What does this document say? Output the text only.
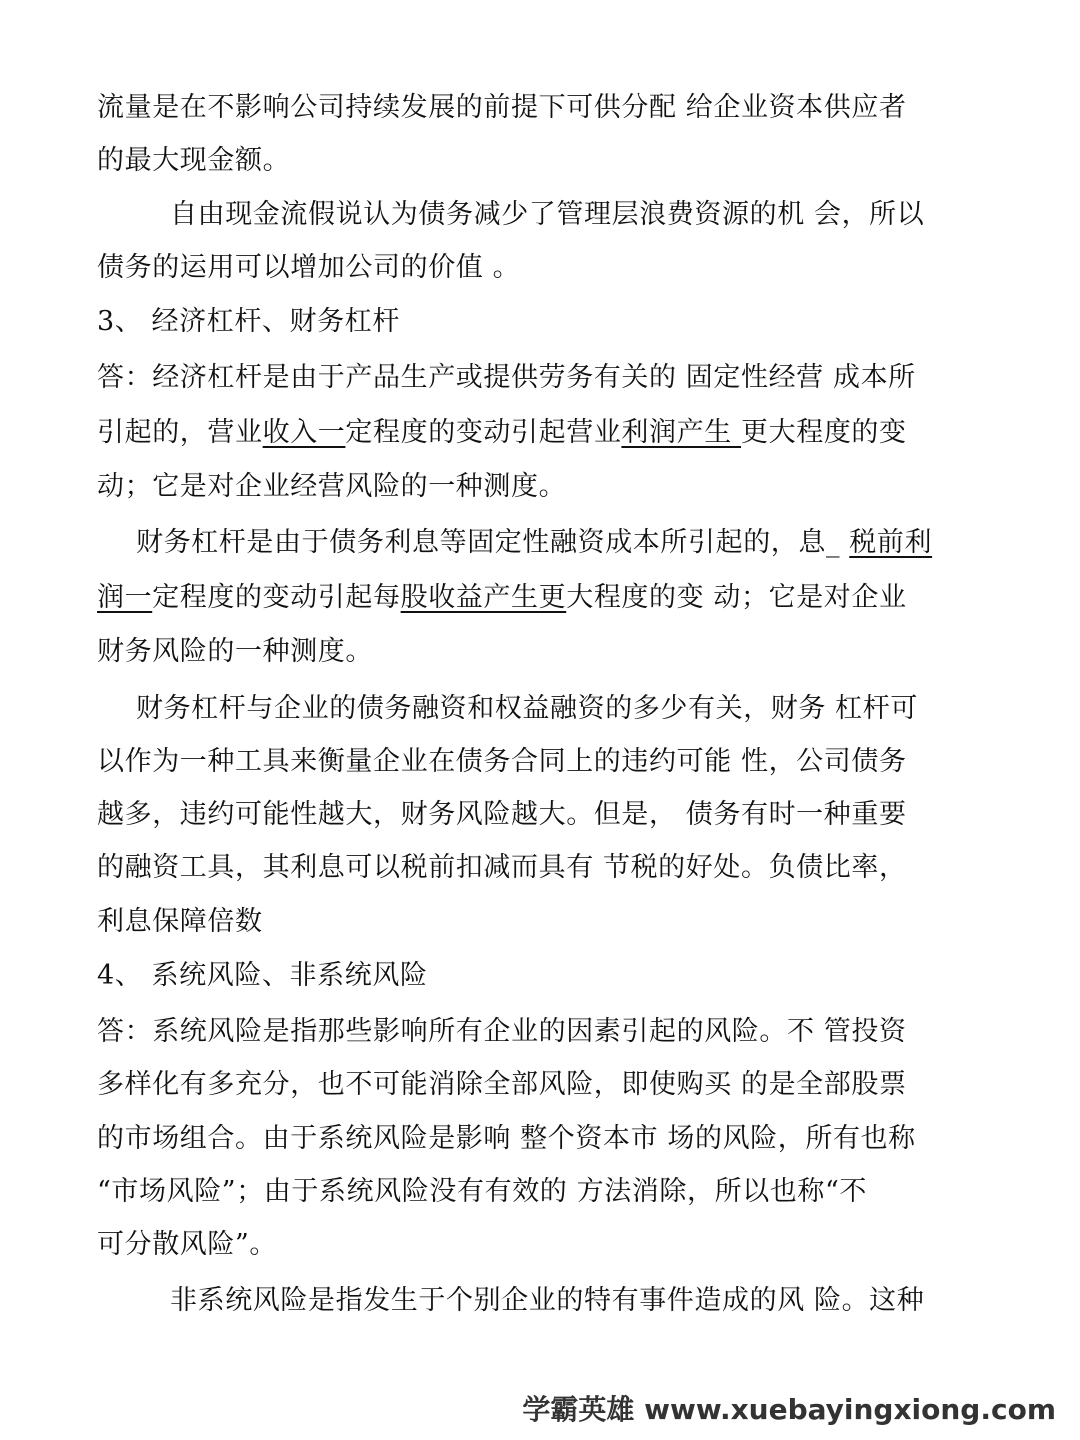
流量是在不影响公司持续发展的前提下可供分配 给企业资本供应者
的最大现金额。
自由现金流假说认为债务减少了管理层浪费资源的机 会，所以
债务的运用可以增加公司的价值 。
3、 经济杠杆、财务杠杆
答：经济杠杆是由于产品生产或提供劳务有关的 固定性经营 成本所
引起的，营业收入一定程度的变动引起营业利润产生 更大程度的变
动；它是对企业经营风险的一种测度。
财务杠杆是由于债务利息等固定性融资成本所引起的，息_ 税前利
润一定程度的变动引起每股收益产生更大程度的变 动；它是对企业
财务风险的一种测度。
财务杠杆与企业的债务融资和权益融资的多少有关，财务 杠杆可
以作为一种工具来衡量企业在债务合同上的违约可能 性，公司债务
越多，违约可能性越大，财务风险越大。但是， 债务有时一种重要
的融资工具，其利息可以税前扣减而具有 节税的好处。负债比率，
利息保障倍数
4、 系统风险、非系统风险
答：系统风险是指那些影响所有企业的因素引起的风险。不 管投资
多样化有多充分，也不可能消除全部风险，即使购买 的是全部股票
的市场组合。由于系统风险是影响 整个资本市 场的风险，所有也称
“市场风险”；由于系统风险没有有效的 方法消除，所以也称“不
可分散风险”。
非系统风险是指发生于个别企业的特有事件造成的风 险。这种
学霸英雄 www.xuebayingxiong.com
